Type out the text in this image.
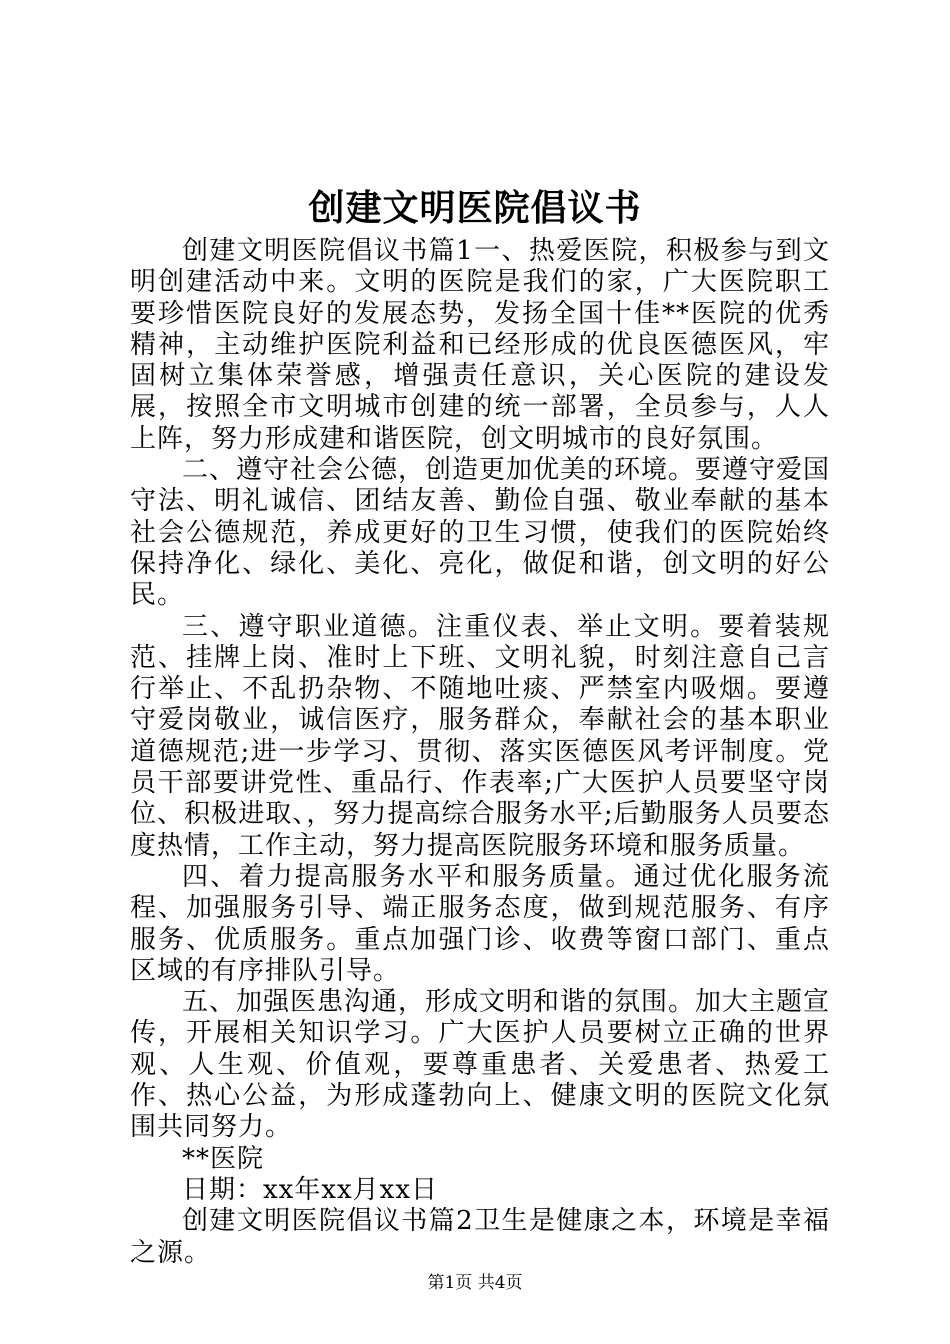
创建文明医院倡议书

创建文明医院倡议书篇1一、热爱医院，积极参与到文明创建活动中来。文明的医院是我们的家，广大医院职工要珍惜医院良好的发展态势，发扬全国十佳**医院的优秀精神，主动维护医院利益和已经形成的优良医德医风，牢固树立集体荣誉感，增强责任意识，关心医院的建设发展，按照全市文明城市创建的统一部署，全员参与，人人上阵，努力形成建和谐医院，创文明城市的良好氛围。

二、遵守社会公德，创造更加优美的环境。要遵守爱国守法、明礼诚信、团结友善、勤俭自强、敬业奉献的基本社会公德规范，养成更好的卫生习惯，使我们的医院始终保持净化、绿化、美化、亮化，做促和谐，创文明的好公民。

三、遵守职业道德。注重仪表、举止文明。要着装规范、挂牌上岗、准时上下班、文明礼貌，时刻注意自己言行举止、不乱扔杂物、不随地吐痰、严禁室内吸烟。要遵守爱岗敬业，诚信医疗，服务群众，奉献社会的基本职业道德规范;进一步学习、贯彻、落实医德医风考评制度。党员干部要讲党性、重品行、作表率;广大医护人员要坚守岗位、积极进取、，努力提高综合服务水平;后勤服务人员要态度热情，工作主动，努力提高医院服务环境和服务质量。

四、着力提高服务水平和服务质量。通过优化服务流程、加强服务引导、端正服务态度，做到规范服务、有序服务、优质服务。重点加强门诊、收费等窗口部门、重点区域的有序排队引导。

五、加强医患沟通，形成文明和谐的氛围。加大主题宣传，开展相关知识学习。广大医护人员要树立正确的世界观、人生观、价值观，要尊重患者、关爱患者、热爱工作、热心公益，为形成蓬勃向上、健康文明的医院文化氛围共同努力。

**医院

日期：xx年xx月xx日

创建文明医院倡议书篇2卫生是健康之本，环境是幸福之源。

第1页 共4页
